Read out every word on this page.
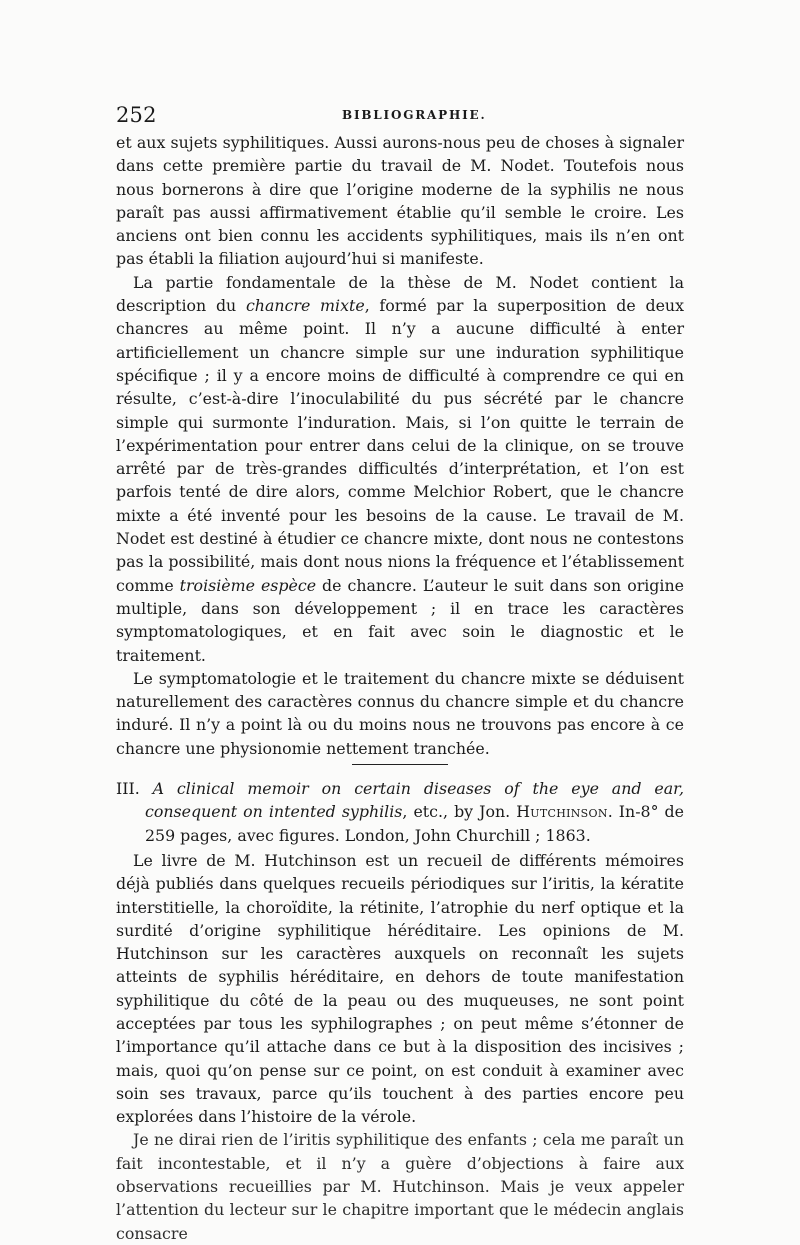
252	BIBLIOGRAPHIE.

et aux sujets syphilitiques. Aussi aurons-nous peu de choses à signaler dans cette première partie du travail de M. Nodet. Toutefois nous nous bornerons à dire que l’origine moderne de la syphilis ne nous paraît pas aussi affirmativement établie qu’il semble le croire. Les anciens ont bien connu les accidents syphilitiques, mais ils n’en ont pas établi la filiation aujourd’hui si manifeste.

La partie fondamentale de la thèse de M. Nodet contient la description du chancre mixte, formé par la superposition de deux chancres au même point. Il n’y a aucune difficulté à enter artificiellement un chancre simple sur une induration syphilitique spécifique ; il y a encore moins de difficulté à comprendre ce qui en résulte, c’est-à-dire l’inoculabilité du pus sécrété par le chancre simple qui surmonte l’induration. Mais, si l’on quitte le terrain de l’expérimentation pour entrer dans celui de la clinique, on se trouve arrêté par de très-grandes difficultés d’interprétation, et l’on est parfois tenté de dire alors, comme Melchior Robert, que le chancre mixte a été inventé pour les besoins de la cause. Le travail de M. Nodet est destiné à étudier ce chancre mixte, dont nous ne contestons pas la possibilité, mais dont nous nions la fréquence et l’établissement comme troisième espèce de chancre. L’auteur le suit dans son origine multiple, dans son développement ; il en trace les caractères symptomatologiques, et en fait avec soin le diagnostic et le traitement.

Le symptomatologie et le traitement du chancre mixte se déduisent naturellement des caractères connus du chancre simple et du chancre induré. Il n’y a point là ou du moins nous ne trouvons pas encore à ce chancre une physionomie nettement tranchée.

III. A clinical memoir on certain diseases of the eye and ear, consequent on intented syphilis, etc., by Jon. Hutchinson. In-8° de 259 pages, avec figures. London, John Churchill ; 1863.

Le livre de M. Hutchinson est un recueil de différents mémoires déjà publiés dans quelques recueils périodiques sur l’iritis, la kératite interstitielle, la choroïdite, la rétinite, l’atrophie du nerf optique et la surdité d’origine syphilitique héréditaire. Les opinions de M. Hutchinson sur les caractères auxquels on reconnaît les sujets atteints de syphilis héréditaire, en dehors de toute manifestation syphilitique du côté de la peau ou des muqueuses, ne sont point acceptées par tous les syphilographes ; on peut même s’étonner de l’importance qu’il attache dans ce but à la disposition des incisives ; mais, quoi qu’on pense sur ce point, on est conduit à examiner avec soin ses travaux, parce qu’ils touchent à des parties encore peu explorées dans l’histoire de la vérole.

Je ne dirai rien de l’iritis syphilitique des enfants ; cela me paraît un fait incontestable, et il n’y a guère d’objections à faire aux observations recueillies par M. Hutchinson. Mais je veux appeler l’attention du lecteur sur le chapitre important que le médecin anglais consacre
